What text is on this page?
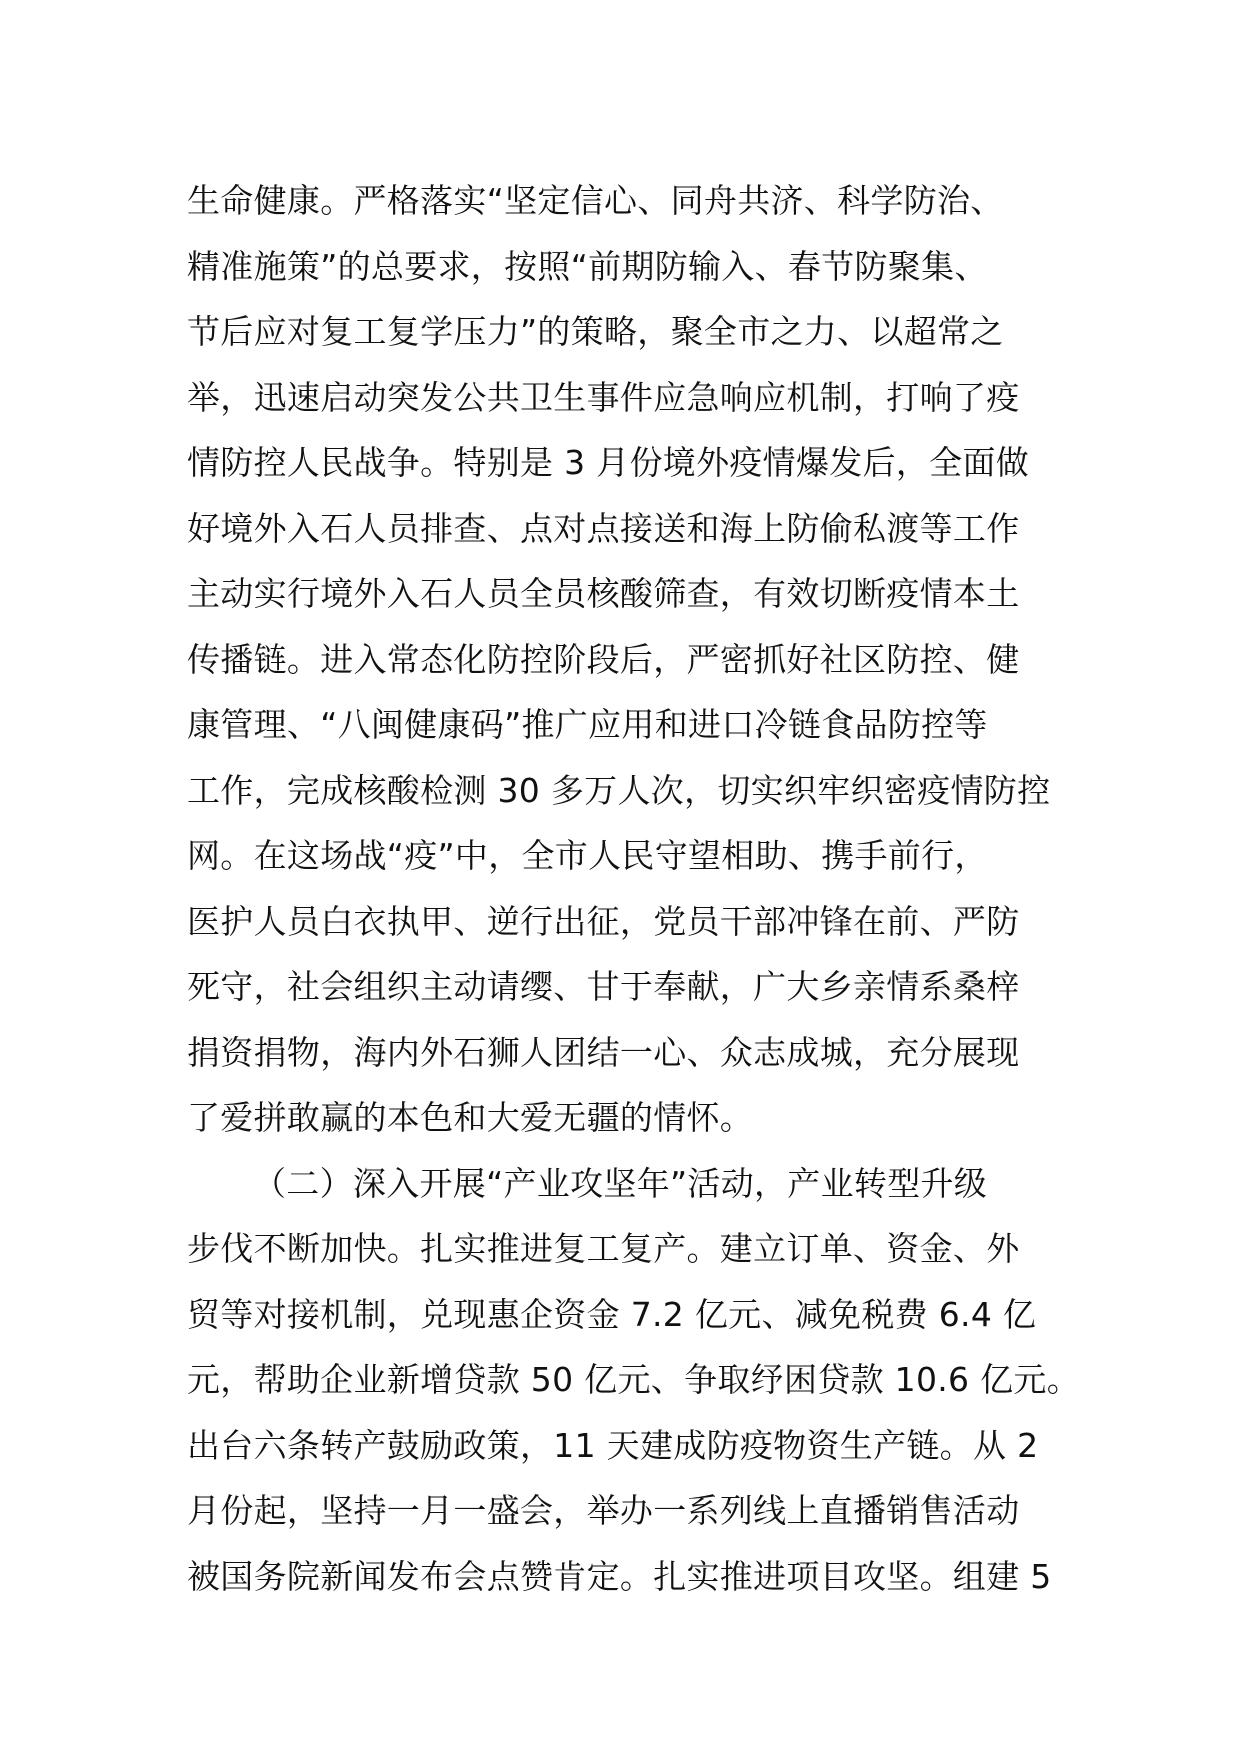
生命健康。严格落实“坚定信心、同舟共济、科学防治、
精准施策”的总要求，按照“前期防输入、春节防聚集、
节后应对复工复学压力”的策略，聚全市之力、以超常之
举，迅速启动突发公共卫生事件应急响应机制，打响了疫
情防控人民战争。特别是 3 月份境外疫情爆发后，全面做
好境外入石人员排查、点对点接送和海上防偷私渡等工作
主动实行境外入石人员全员核酸筛查，有效切断疫情本土
传播链。进入常态化防控阶段后，严密抓好社区防控、健
康管理、“八闽健康码”推广应用和进口冷链食品防控等
工作，完成核酸检测 30 多万人次，切实织牢织密疫情防控
网。在这场战“疫”中，全市人民守望相助、携手前行，
医护人员白衣执甲、逆行出征，党员干部冲锋在前、严防
死守，社会组织主动请缨、甘于奉献，广大乡亲情系桑梓
捐资捐物，海内外石狮人团结一心、众志成城，充分展现
了爱拼敢赢的本色和大爱无疆的情怀。
（二）深入开展“产业攻坚年”活动，产业转型升级
步伐不断加快。扎实推进复工复产。建立订单、资金、外
贸等对接机制，兑现惠企资金 7.2 亿元、减免税费 6.4 亿
元，帮助企业新增贷款 50 亿元、争取纾困贷款 10.6 亿元。
出台六条转产鼓励政策，11 天建成防疫物资生产链。从 2
月份起，坚持一月一盛会，举办一系列线上直播销售活动
被国务院新闻发布会点赞肯定。扎实推进项目攻坚。组建 5
